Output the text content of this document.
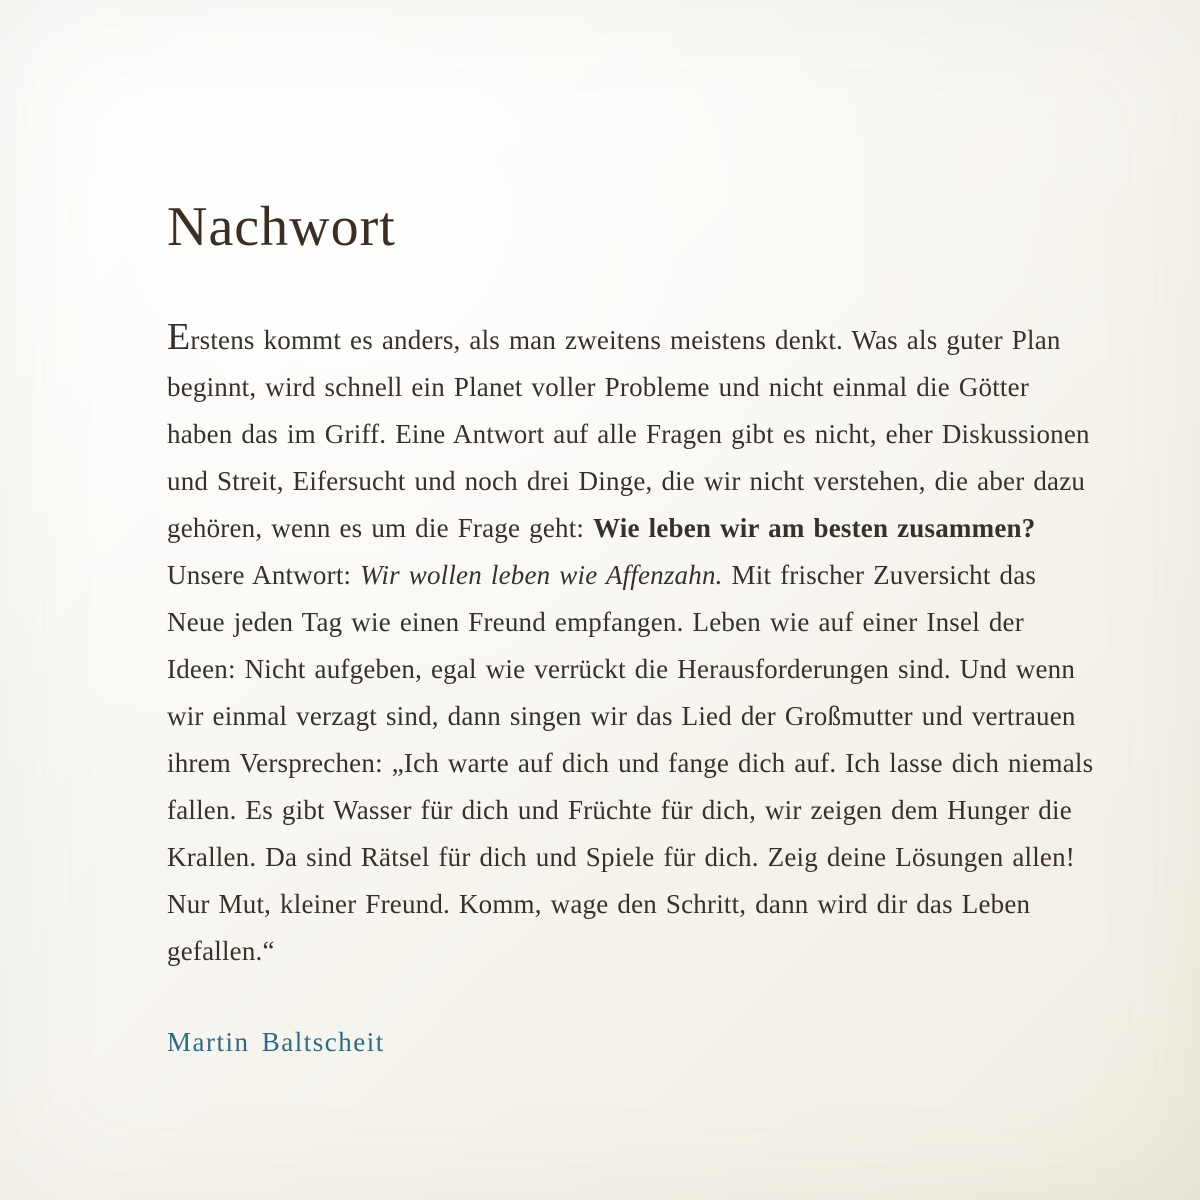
Nachwort

Erstens kommt es anders, als man zweitens meistens denkt. Was als guter Plan beginnt, wird schnell ein Planet voller Probleme und nicht einmal die Götter haben das im Griff. Eine Antwort auf alle Fragen gibt es nicht, eher Diskussionen und Streit, Eifersucht und noch drei Dinge, die wir nicht verstehen, die aber dazu gehören, wenn es um die Frage geht: Wie leben wir am besten zusammen? Unsere Antwort: Wir wollen leben wie Affenzahn. Mit frischer Zuversicht das Neue jeden Tag wie einen Freund empfangen. Leben wie auf einer Insel der Ideen: Nicht aufgeben, egal wie verrückt die Herausforderungen sind. Und wenn wir einmal verzagt sind, dann singen wir das Lied der Großmutter und vertrauen ihrem Versprechen: „Ich warte auf dich und fange dich auf. Ich lasse dich niemals fallen. Es gibt Wasser für dich und Früchte für dich, wir zeigen dem Hunger die Krallen. Da sind Rätsel für dich und Spiele für dich. Zeig deine Lösungen allen! Nur Mut, kleiner Freund. Komm, wage den Schritt, dann wird dir das Leben gefallen.“

Martin Baltscheit
